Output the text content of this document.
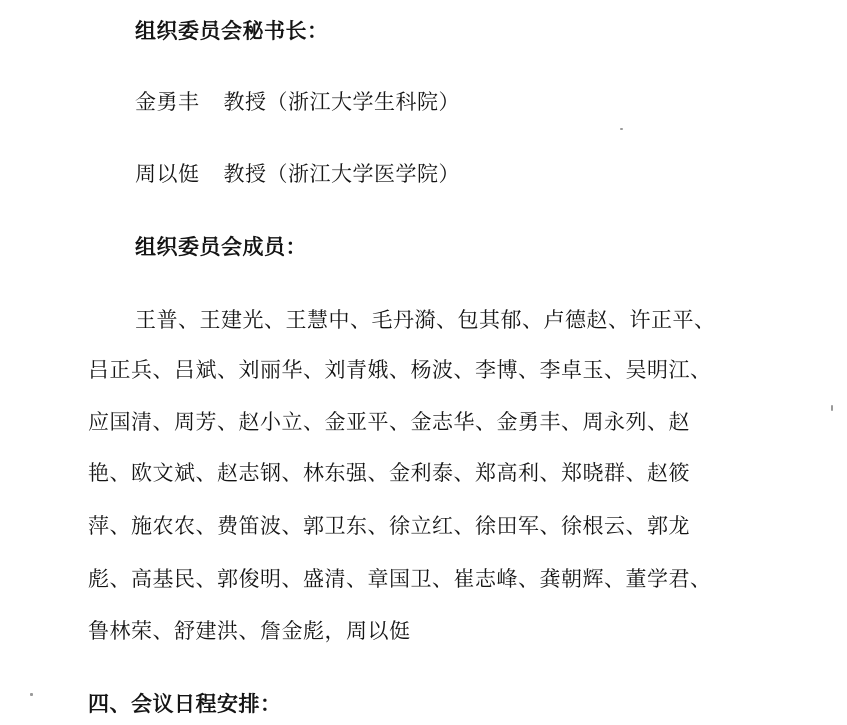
组织委员会秘书长：
金勇丰 教授（浙江大学生科院）
周以侹 教授（浙江大学医学院）
组织委员会成员：
王普、王建光、王慧中、毛丹漪、包其郁、卢德赵、许正平、
吕正兵、吕斌、刘丽华、刘青娥、杨波、李博、李卓玉、吴明江、
应国清、周芳、赵小立、金亚平、金志华、金勇丰、周永列、赵
艳、欧文斌、赵志钢、林东强、金利泰、郑高利、郑晓群、赵筱
萍、施农农、费笛波、郭卫东、徐立红、徐田军、徐根云、郭龙
彪、高基民、郭俊明、盛清、章国卫、崔志峰、龚朝辉、董学君、
鲁林荣、舒建洪、詹金彪，周以侹
四、会议日程安排：
